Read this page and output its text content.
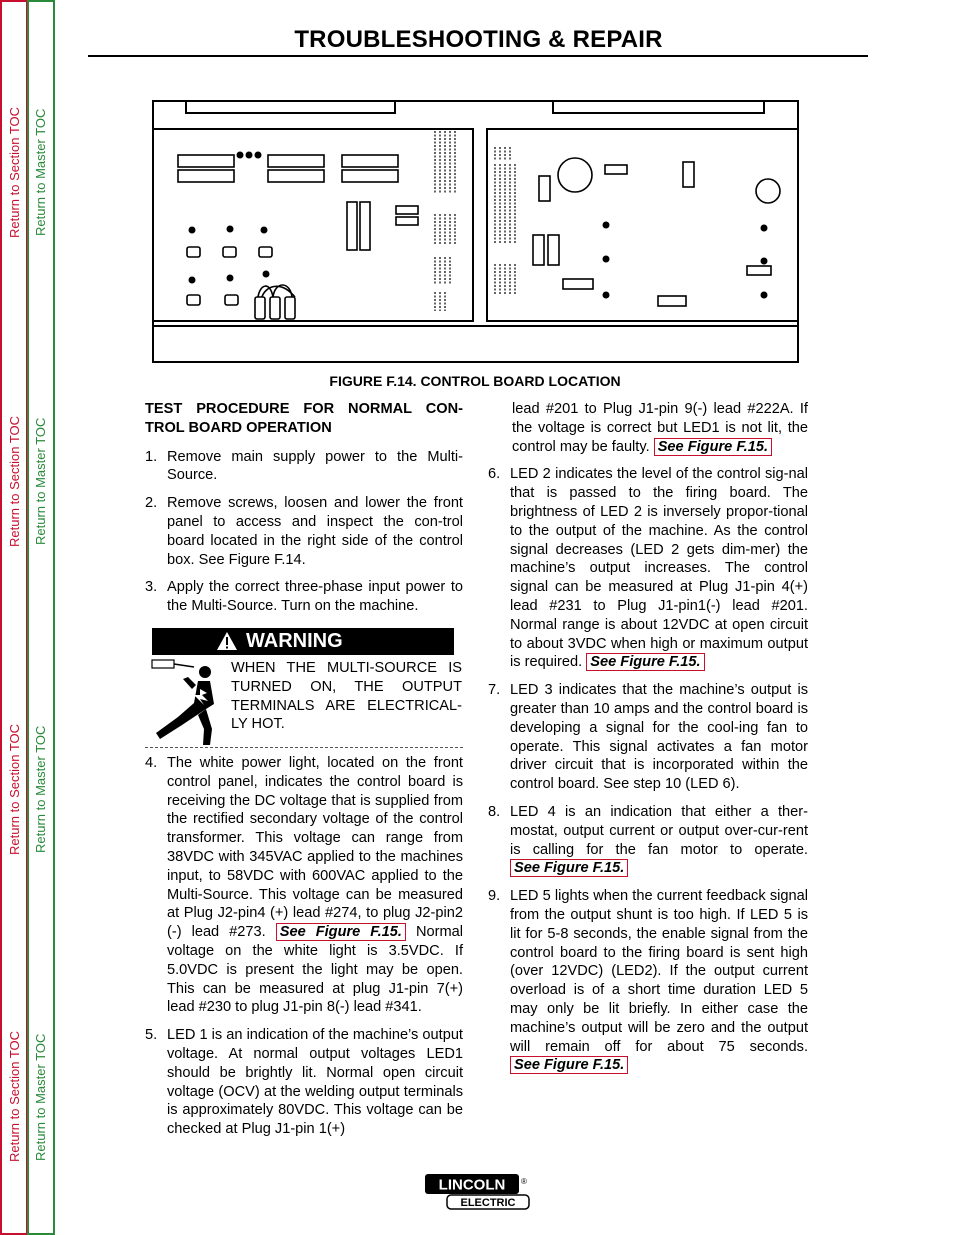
Return to Section TOC
Return to Section TOC
Return to Section TOC
Return to Section TOC
Return to Master TOC
Return to Master TOC
Return to Master TOC
Return to Master TOC
TROUBLESHOOTING & REPAIR
FIGURE F.14. CONTROL BOARD LOCATION
TEST PROCEDURE FOR NORMAL CON-TROL BOARD OPERATION
1. Remove main supply power to the Multi-Source.
2. Remove screws, loosen and lower the front panel to access and inspect the con-trol board located in the right side of the control box. See Figure F.14.
3. Apply the correct three-phase input power to the Multi-Source. Turn on the machine.
WARNING
WHEN THE MULTI-SOURCE IS TURNED ON, THE OUTPUT TERMINALS ARE ELECTRICAL-LY HOT.
4. The white power light, located on the front control panel, indicates the control board is receiving the DC voltage that is supplied from the rectified secondary voltage of the control transformer. This voltage can range from 38VDC with 345VAC applied to the machines input, to 58VDC with 600VAC applied to the Multi-Source. This voltage can be measured at Plug J2-pin4 (+) lead #274, to plug J2-pin2 (-) lead #273. See Figure F.15. Normal voltage on the white light is 3.5VDC. If 5.0VDC is present the light may be open. This can be measured at plug J1-pin 7(+) lead #230 to plug J1-pin 8(-) lead #341.
5. LED 1 is an indication of the machine’s output voltage. At normal output voltages LED1 should be brightly lit. Normal open circuit voltage (OCV) at the welding output terminals is approximately 80VDC. This voltage can be checked at Plug J1-pin 1(+)
lead #201 to Plug J1-pin 9(-) lead #222A. If the voltage is correct but LED1 is not lit, the control may be faulty. See Figure F.15.
6. LED 2 indicates the level of the control sig-nal that is passed to the firing board. The brightness of LED 2 is inversely propor-tional to the output of the machine. As the control signal decreases (LED 2 gets dim-mer) the machine’s output increases. The control signal can be measured at Plug J1-pin 4(+) lead #231 to Plug J1-pin1(-) lead #201. Normal range is about 12VDC at open circuit to about 3VDC when high or maximum output is required. See Figure F.15.
7. LED 3 indicates that the machine’s output is greater than 10 amps and the control board is developing a signal for the cool-ing fan to operate. This signal activates a fan motor driver circuit that is incorporated within the control board. See step 10 (LED 6).
8. LED 4 is an indication that either a ther-mostat, output current or output over-cur-rent is calling for the fan motor to operate. See Figure F.15.
9. LED 5 lights when the current feedback signal from the output shunt is too high. If LED 5 is lit for 5-8 seconds, the enable signal from the control board to the firing board is sent high (over 12VDC) (LED2). If the output current overload is of a short time duration LED 5 may only be lit briefly. In either case the machine’s output will be zero and the output will remain off for about 75 seconds. See Figure F.15.
LINCOLN ®
ELECTRIC
